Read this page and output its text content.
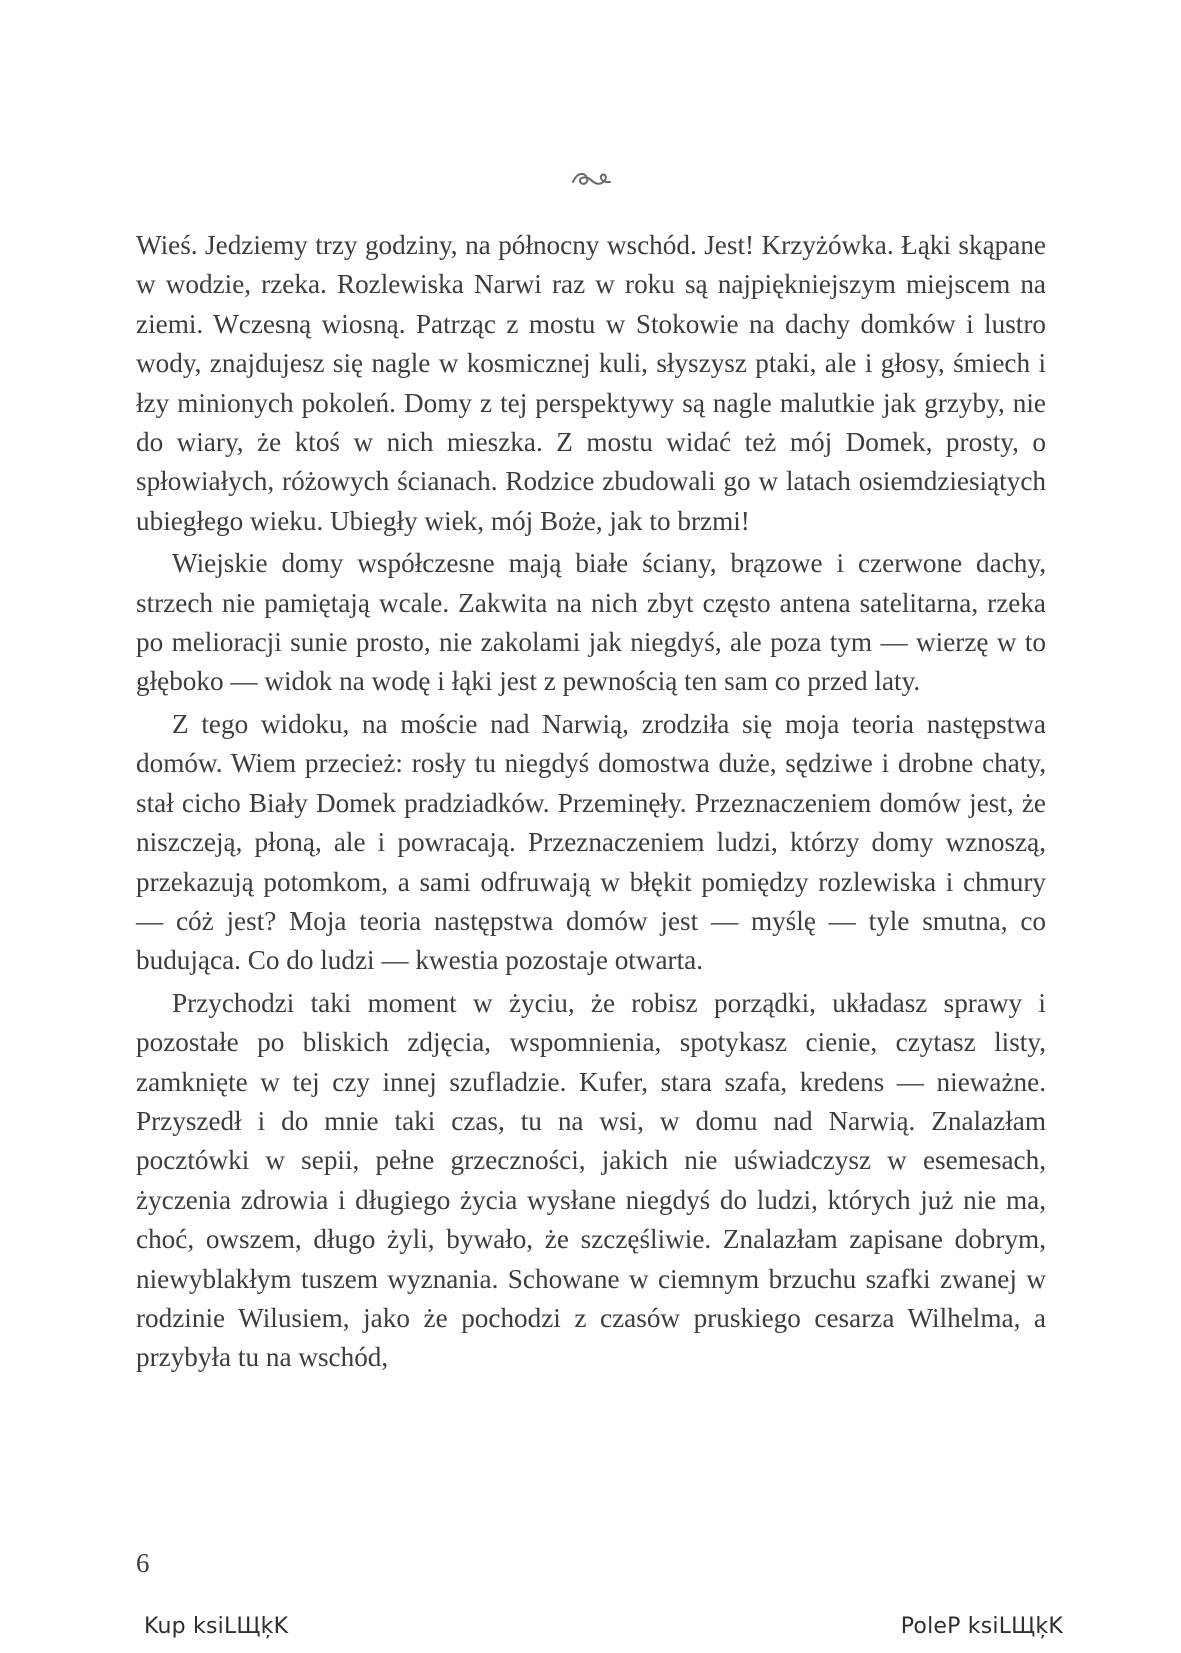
Wieś. Jedziemy trzy godziny, na północny wschód. Jest! Krzyżówka. Łąki skąpane w wodzie, rzeka. Rozlewiska Narwi raz w roku są najpiękniejszym miejscem na ziemi. Wczesną wiosną. Patrząc z mostu w Stokowie na dachy domków i lustro wody, znajdujesz się nagle w kosmicznej kuli, słyszysz ptaki, ale i głosy, śmiech i łzy minionych pokoleń. Domy z tej perspektywy są nagle malutkie jak grzyby, nie do wiary, że ktoś w nich mieszka. Z mostu widać też mój Domek, prosty, o spłowiałych, różowych ścianach. Rodzice zbudowali go w latach osiemdziesiątych ubiegłego wieku. Ubiegły wiek, mój Boże, jak to brzmi!

Wiejskie domy współczesne mają białe ściany, brązowe i czerwone dachy, strzech nie pamiętają wcale. Zakwita na nich zbyt często antena satelitarna, rzeka po melioracji sunie prosto, nie zakolami jak niegdyś, ale poza tym — wierzę w to głęboko — widok na wodę i łąki jest z pewnością ten sam co przed laty.

Z tego widoku, na moście nad Narwią, zrodziła się moja teoria następstwa domów. Wiem przecież: rosły tu niegdyś domostwa duże, sędziwe i drobne chaty, stał cicho Biały Domek pradziadków. Przeminęły. Przeznaczeniem domów jest, że niszczeją, płoną, ale i powracają. Przeznaczeniem ludzi, którzy domy wznoszą, przekazują potomkom, a sami odfruwają w błękit pomiędzy rozlewiska i chmury — cóż jest? Moja teoria następstwa domów jest — myślę — tyle smutna, co budująca. Co do ludzi — kwestia pozostaje otwarta.

Przychodzi taki moment w życiu, że robisz porządki, układasz sprawy i pozostałe po bliskich zdjęcia, wspomnienia, spotykasz cienie, czytasz listy, zamknięte w tej czy innej szufladzie. Kufer, stara szafa, kredens — nieważne. Przyszedł i do mnie taki czas, tu na wsi, w domu nad Narwią. Znalazłam pocztówki w sepii, pełne grzeczności, jakich nie uświadczysz w esemesach, życzenia zdrowia i długiego życia wysłane niegdyś do ludzi, których już nie ma, choć, owszem, długo żyli, bywało, że szczęśliwie. Znalazłam zapisane dobrym, niewyblakłym tuszem wyznania. Schowane w ciemnym brzuchu szafki zwanej w rodzinie Wilusiem, jako że pochodzi z czasów pruskiego cesarza Wilhelma, a przybyła tu na wschód,

6
Kup ksiLЩķK	PoleP ksiLЩķK
